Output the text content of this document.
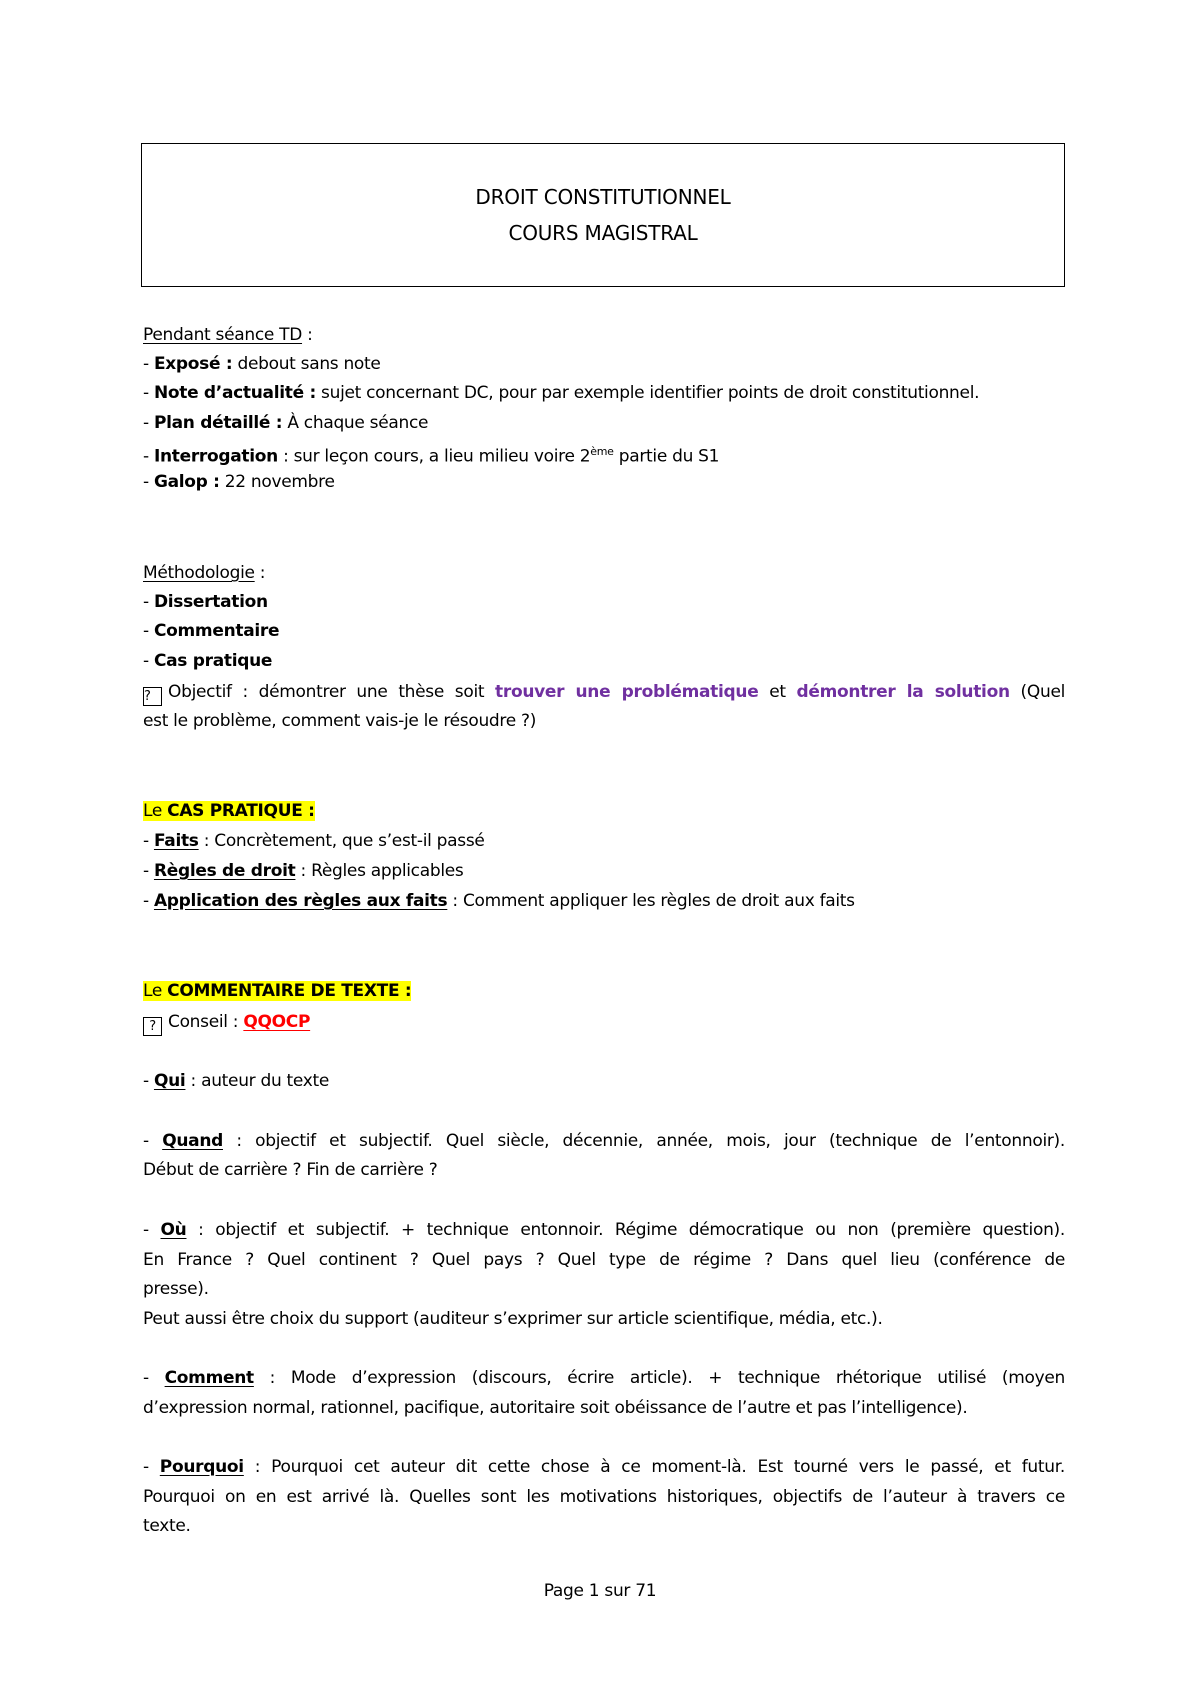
DROIT CONSTITUTIONNEL
COURS MAGISTRAL
Pendant séance TD :
- Exposé : debout sans note
- Note d’actualité : sujet concernant DC, pour par exemple identifier points de droit constitutionnel.
- Plan détaillé : À chaque séance
- Interrogation : sur leçon cours, a lieu milieu voire 2ème partie du S1
- Galop : 22 novembre
Méthodologie :
- Dissertation
- Commentaire
- Cas pratique
? Objectif : démontrer une thèse soit trouver une problématique et démontrer la solution (Quel
est le problème, comment vais-je le résoudre ?)
Le CAS PRATIQUE :
- Faits : Concrètement, que s’est-il passé
- Règles de droit : Règles applicables
- Application des règles aux faits : Comment appliquer les règles de droit aux faits
Le COMMENTAIRE DE TEXTE :
? Conseil : QQOCP
- Qui : auteur du texte
- Quand : objectif et subjectif. Quel siècle, décennie, année, mois, jour (technique de l’entonnoir).
Début de carrière ? Fin de carrière ?
- Où : objectif et subjectif. + technique entonnoir. Régime démocratique ou non (première question).
En France ? Quel continent ? Quel pays ? Quel type de régime ? Dans quel lieu (conférence de
presse).
Peut aussi être choix du support (auditeur s’exprimer sur article scientifique, média, etc.).
- Comment : Mode d’expression (discours, écrire article). + technique rhétorique utilisé (moyen
d’expression normal, rationnel, pacifique, autoritaire soit obéissance de l’autre et pas l’intelligence).
- Pourquoi : Pourquoi cet auteur dit cette chose à ce moment-là. Est tourné vers le passé, et futur.
Pourquoi on en est arrivé là. Quelles sont les motivations historiques, objectifs de l’auteur à travers ce
texte.
Page 1 sur 71
